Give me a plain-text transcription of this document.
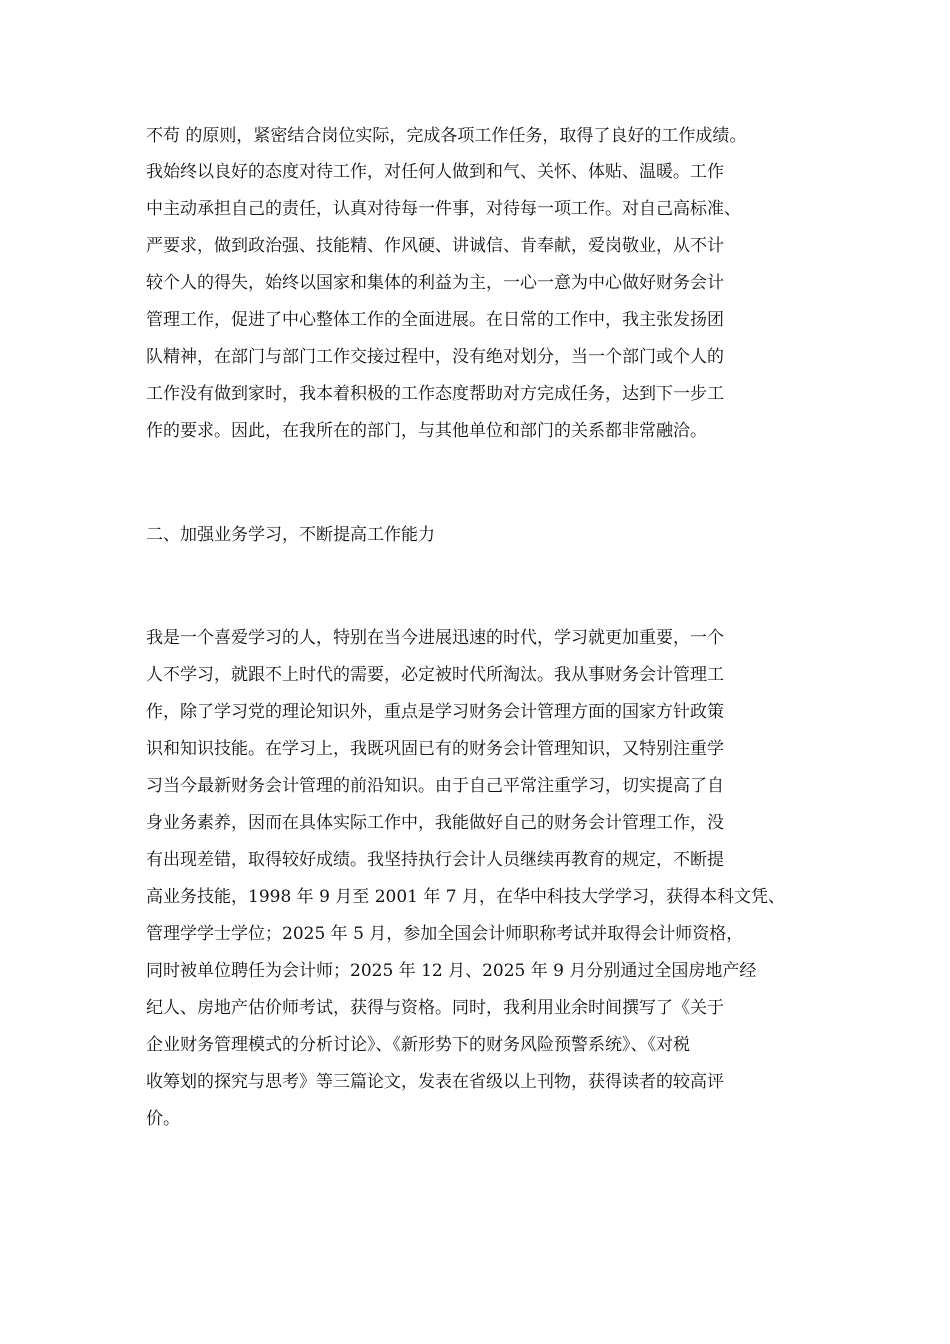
不苟 的原则，紧密结合岗位实际，完成各项工作任务，取得了良好的工作成绩。
我始终以良好的态度对待工作，对任何人做到和气、关怀、体贴、温暖。工作
中主动承担自己的责任，认真对待每一件事，对待每一项工作。对自己高标准、
严要求，做到政治强、技能精、作风硬、讲诚信、肯奉献，爱岗敬业，从不计
较个人的得失，始终以国家和集体的利益为主，一心一意为中心做好财务会计
管理工作，促进了中心整体工作的全面进展。在日常的工作中，我主张发扬团
队精神，在部门与部门工作交接过程中，没有绝对划分，当一个部门或个人的
工作没有做到家时，我本着积极的工作态度帮助对方完成任务，达到下一步工
作的要求。因此，在我所在的部门，与其他单位和部门的关系都非常融洽。
二、加强业务学习，不断提高工作能力
我是一个喜爱学习的人，特别在当今进展迅速的时代，学习就更加重要，一个
人不学习，就跟不上时代的需要，必定被时代所淘汰。我从事财务会计管理工
作，除了学习党的理论知识外，重点是学习财务会计管理方面的国家方针政策
识和知识技能。在学习上，我既巩固已有的财务会计管理知识，又特别注重学
习当今最新财务会计管理的前沿知识。由于自己平常注重学习，切实提高了自
身业务素养，因而在具体实际工作中，我能做好自己的财务会计管理工作，没
有出现差错，取得较好成绩。我坚持执行会计人员继续再教育的规定，不断提
高业务技能，1998 年 9 月至 2001 年 7 月，在华中科技大学学习，获得本科文凭、
管理学学士学位；2025 年 5 月，参加全国会计师职称考试并取得会计师资格，
同时被单位聘任为会计师；2025 年 12 月、2025 年 9 月分别通过全国房地产经
纪人、房地产估价师考试，获得与资格。同时，我利用业余时间撰写了《关于
企业财务管理模式的分析讨论》、《新形势下的财务风险预警系统》、《对税
收筹划的探究与思考》等三篇论文，发表在省级以上刊物，获得读者的较高评
价。
